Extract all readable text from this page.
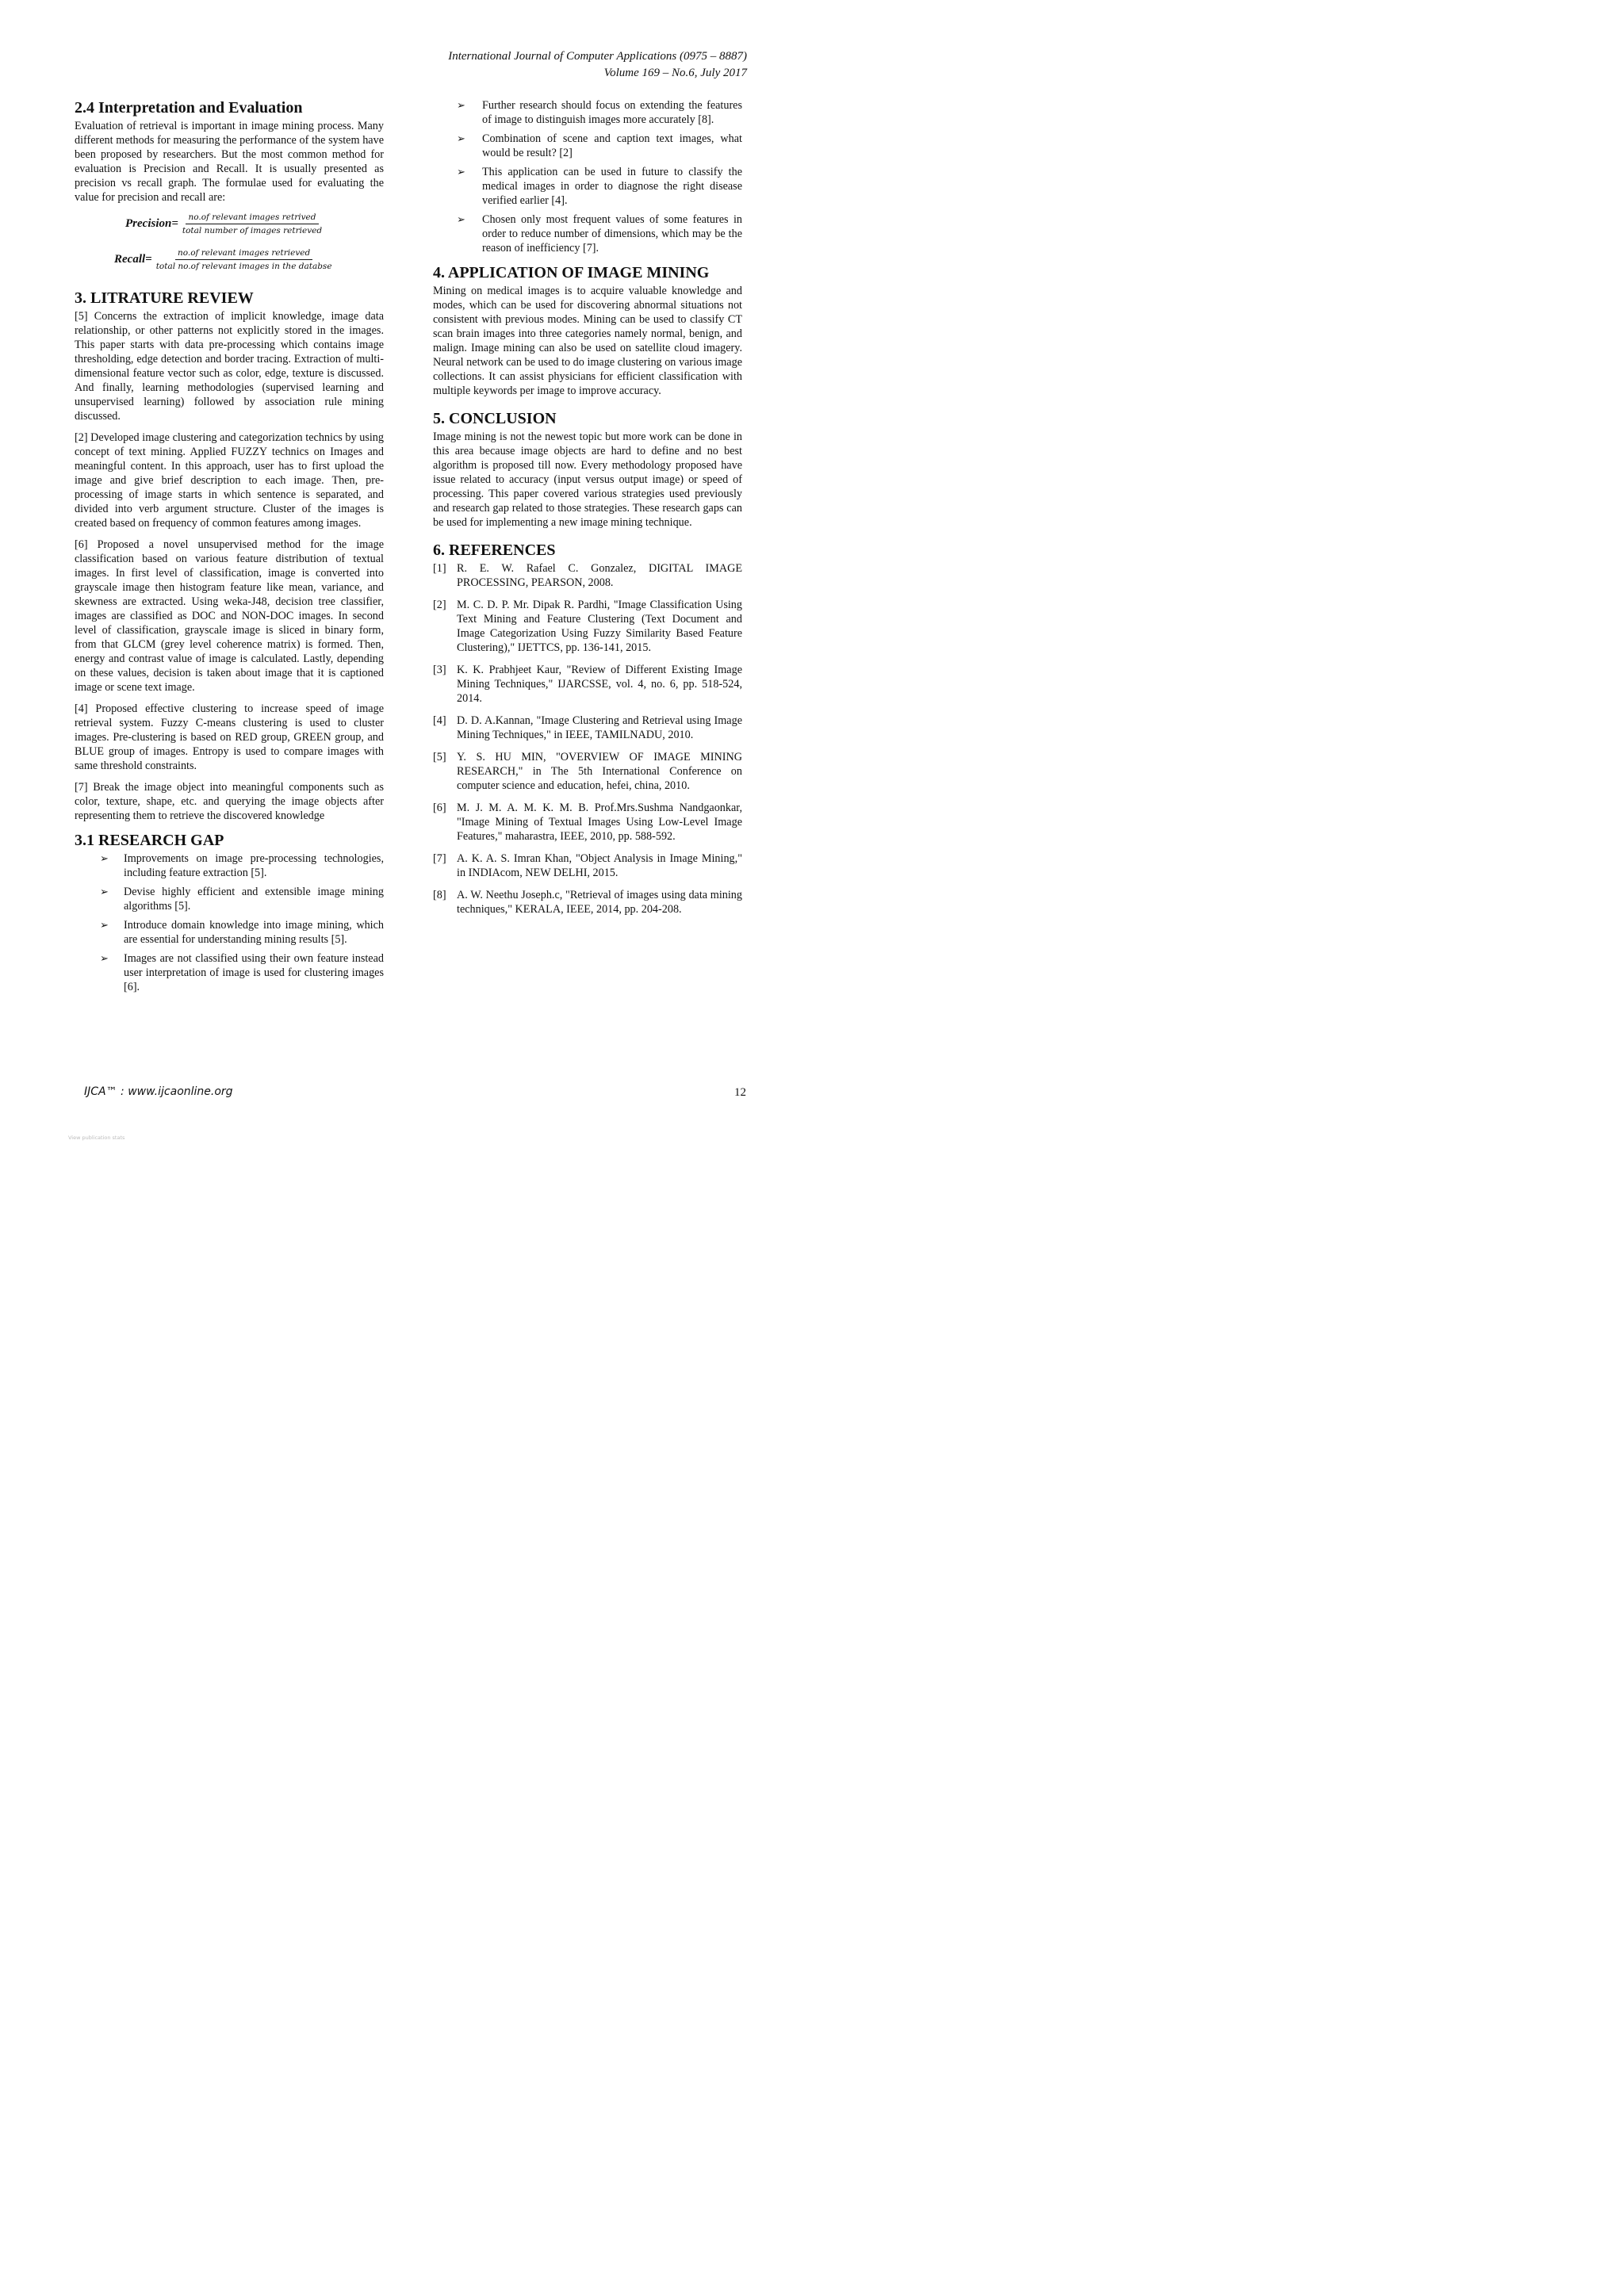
International Journal of Computer Applications (0975 – 8887)
Volume 169 – No.6, July 2017
2.4 Interpretation and Evaluation

Evaluation of retrieval is important in image mining process. Many different methods for measuring the performance of the system have been proposed by researchers. But the most common method for evaluation is Precision and Recall. It is usually presented as precision vs recall graph. The formulae used for evaluating the value for precision and recall are:

Precision= $\frac{\text{no.of relevant images retrived}}{\text{total number of images retrieved}}$
Recall= $\frac{\text{no.of relevant images retrieved}}{\text{total no.of relevant images in the databse}}$
3. LITRATURE REVIEW

[5] Concerns the extraction of implicit knowledge, image data relationship, or other patterns not explicitly stored in the images. This paper starts with data pre-processing which contains image thresholding, edge detection and border tracing. Extraction of multi-dimensional feature vector such as color, edge, texture is discussed. And finally, learning methodologies (supervised learning and unsupervised learning) followed by association rule mining discussed.

[2] Developed image clustering and categorization technics by using concept of text mining. Applied FUZZY technics on Images and meaningful content. In this approach, user has to first upload the image and give brief description to each image. Then, pre-processing of image starts in which sentence is separated, and divided into verb argument structure. Cluster of the images is created based on frequency of common features among images.

[6] Proposed a novel unsupervised method for the image classification based on various feature distribution of textual images. In first level of classification, image is converted into grayscale image then histogram feature like mean, variance, and skewness are extracted. Using weka-J48, decision tree classifier, images are classified as DOC and NON-DOC images. In second level of classification, grayscale image is sliced in binary form, from that GLCM (grey level coherence matrix) is formed. Then, energy and contrast value of image is calculated. Lastly, depending on these values, decision is taken about image that it is captioned image or scene text image.

[4] Proposed effective clustering to increase speed of image retrieval system. Fuzzy C-means clustering is used to cluster images. Pre-clustering is based on RED group, GREEN group, and BLUE group of images. Entropy is used to compare images with same threshold constraints.

[7] Break the image object into meaningful components such as color, texture, shape, etc. and querying the image objects after representing them to retrieve the discovered knowledge

3.1 RESEARCH GAP
➢ Improvements on image pre-processing technologies, including feature extraction [5].
➢ Devise highly efficient and extensible image mining algorithms [5].
➢ Introduce domain knowledge into image mining, which are essential for understanding mining results [5].
➢ Images are not classified using their own feature instead user interpretation of image is used for clustering images [6].
➢ Further research should focus on extending the features of image to distinguish images more accurately [8].
➢ Combination of scene and caption text images, what would be result? [2]
➢ This application can be used in future to classify the medical images in order to diagnose the right disease verified earlier [4].
➢ Chosen only most frequent values of some features in order to reduce number of dimensions, which may be the reason of inefficiency [7].
4. APPLICATION OF IMAGE MINING

Mining on medical images is to acquire valuable knowledge and modes, which can be used for discovering abnormal situations not consistent with previous modes. Mining can be used to classify CT scan brain images into three categories namely normal, benign, and malign. Image mining can also be used on satellite cloud imagery. Neural network can be used to do image clustering on various image collections. It can assist physicians for efficient classification with multiple keywords per image to improve accuracy.

5. CONCLUSION

Image mining is not the newest topic but more work can be done in this area because image objects are hard to define and no best algorithm is proposed till now. Every methodology proposed have issue related to accuracy (input versus output image) or speed of processing. This paper covered various strategies used previously and research gap related to those strategies. These research gaps can be used for implementing a new image mining technique.

6. REFERENCES
[1] R. E. W. Rafael C. Gonzalez, DIGITAL IMAGE PROCESSING, PEARSON, 2008.
[2] M. C. D. P. Mr. Dipak R. Pardhi, "Image Classification Using Text Mining and Feature Clustering (Text Document and Image Categorization Using Fuzzy Similarity Based Feature Clustering)," IJETTCS, pp. 136-141, 2015.
[3] K. K. Prabhjeet Kaur, "Review of Different Existing Image Mining Techniques," IJARCSSE, vol. 4, no. 6, pp. 518-524, 2014.
[4] D. D. A.Kannan, "Image Clustering and Retrieval using Image Mining Techniques," in IEEE, TAMILNADU, 2010.
[5] Y. S. HU MIN, "OVERVIEW OF IMAGE MINING RESEARCH," in The 5th International Conference on computer science and education, hefei, china, 2010.
[6] M. J. M. A. M. K. M. B. Prof.Mrs.Sushma Nandgaonkar, "Image Mining of Textual Images Using Low-Level Image Features," maharastra, IEEE, 2010, pp. 588-592.
[7] A. K. A. S. Imran Khan, "Object Analysis in Image Mining," in INDIAcom, NEW DELHI, 2015.
[8] A. W. Neethu Joseph.c, "Retrieval of images using data mining techniques," KERALA, IEEE, 2014, pp. 204-208.
IJCA™ : www.ijcaonline.org	12
View publication stats
